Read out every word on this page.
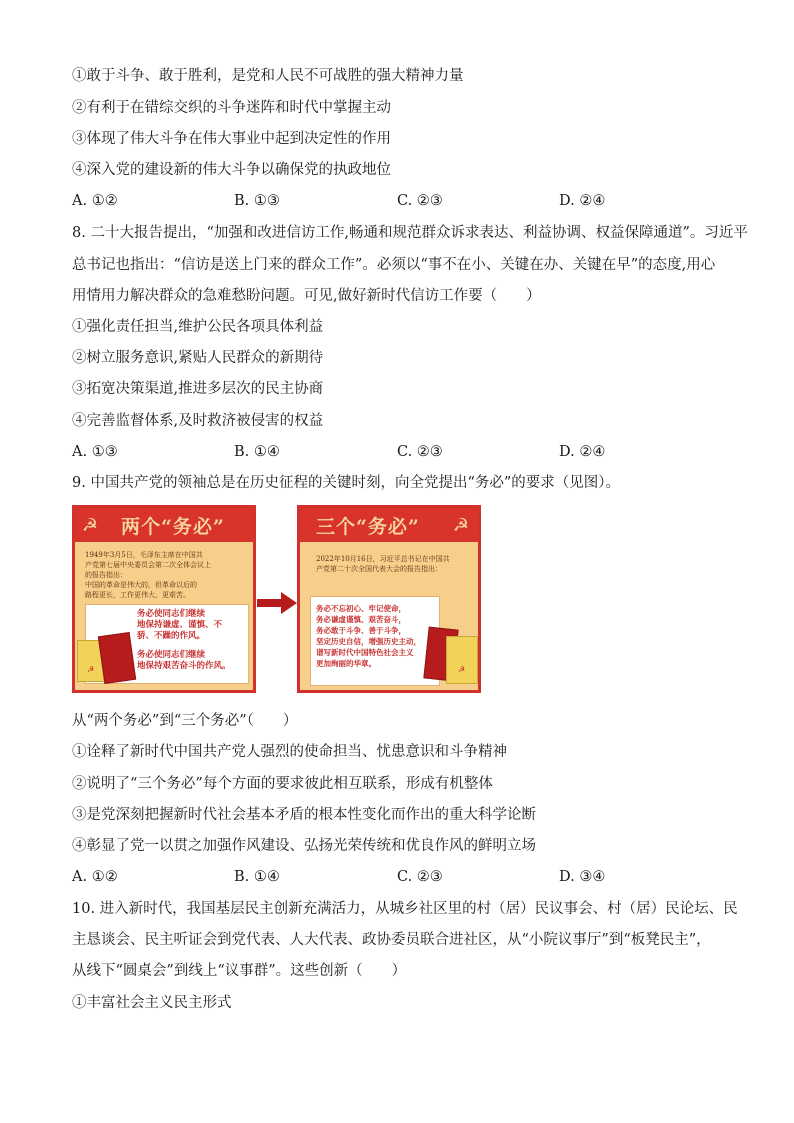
①敢于斗争、敢于胜利，是党和人民不可战胜的强大精神力量
②有利于在错综交织的斗争迷阵和时代中掌握主动
③体现了伟大斗争在伟大事业中起到决定性的作用
④深入党的建设新的伟大斗争以确保党的执政地位
A. ①②	B. ①③	C. ②③	D. ②④
8. 二十大报告提出，“加强和改进信访工作,畅通和规范群众诉求表达、利益协调、权益保障通道”。习近平
总书记也指出：“信访是送上门来的群众工作”。必须以“事不在小、关键在办、关键在早”的态度,用心
用情用力解决群众的急难愁盼问题。可见,做好新时代信访工作要（　　）
①强化责任担当,维护公民各项具体利益
②树立服务意识,紧贴人民群众的新期待
③拓宽决策渠道,推进多层次的民主协商
④完善监督体系,及时救济被侵害的权益
A. ①③	B. ①④	C. ②③	D. ②④
9. 中国共产党的领袖总是在历史征程的关键时刻，向全党提出“务必”的要求（见图）。
☭ 两个“务必”
1949年3月5日，毛泽东主席在中国共
产党第七届中央委员会第二次全体会议上
的报告指出：
中国的革命是伟大的，但革命以后的
路程更长，工作更伟大，更艰苦。
务必使同志们继续
地保持谦虚、谨慎、不
骄、不躁的作风。
务必使同志们继续
地保持艰苦奋斗的作风。
☭
三个“务必” ☭
2022年10月16日，习近平总书记在中国共
产党第二十次全国代表大会的报告指出：
务必不忘初心、牢记使命，
务必谦虚谨慎、艰苦奋斗，
务必敢于斗争、善于斗争，
坚定历史自信，增强历史主动，
谱写新时代中国特色社会主义
更加绚丽的华章。
☭
从“两个务必”到“三个务必”（　　）
①诠释了新时代中国共产党人强烈的使命担当、忧患意识和斗争精神
②说明了“三个务必”每个方面的要求彼此相互联系，形成有机整体
③是党深刻把握新时代社会基本矛盾的根本性变化而作出的重大科学论断
④彰显了党一以贯之加强作风建设、弘扬光荣传统和优良作风的鲜明立场
A. ①②	B. ①④	C. ②③	D. ③④
10. 进入新时代，我国基层民主创新充满活力，从城乡社区里的村（居）民议事会、村（居）民论坛、民
主恳谈会、民主听证会到党代表、人大代表、政协委员联合进社区，从“小院议事厅”到“板凳民主”，
从线下“圆桌会”到线上“议事群”。这些创新（　　）
①丰富社会主义民主形式
